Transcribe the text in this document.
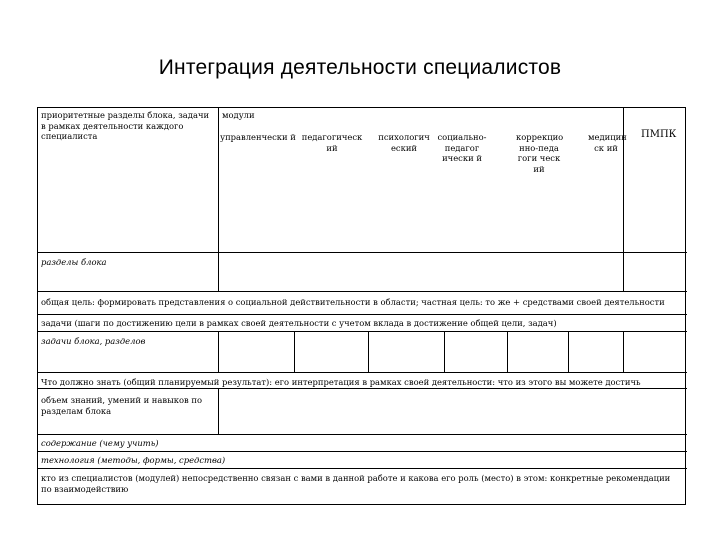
Интеграция деятельности специалистов
приоритетные разделы блока, задачи в рамках деятельности каждого специалиста
модули
управленчески й педагогическ ий
психологич еский
социально-педагог ически й
коррекцио нно-педа гоги ческ ий
медицин ск ий
ПМПК
разделы блока
общая цель: формировать представления о социальной действительности в области; частная цель: то же + средствами своей деятельности
задачи (шаги по достижению цели в рамках своей деятельности с учетом вклада в достижение общей цели, задач)
задачи блока, разделов
Что должно знать (общий планируемый результат): его интерпретация в рамках своей деятельности: что из этого вы можете достичь
объем знаний, умений и навыков по разделам блока
содержание (чему учить)
технология (методы, формы, средства)
кто из специалистов (модулей) непосредственно связан с вами в данной работе и какова его роль (место) в этом: конкретные рекомендации по взаимодействию
